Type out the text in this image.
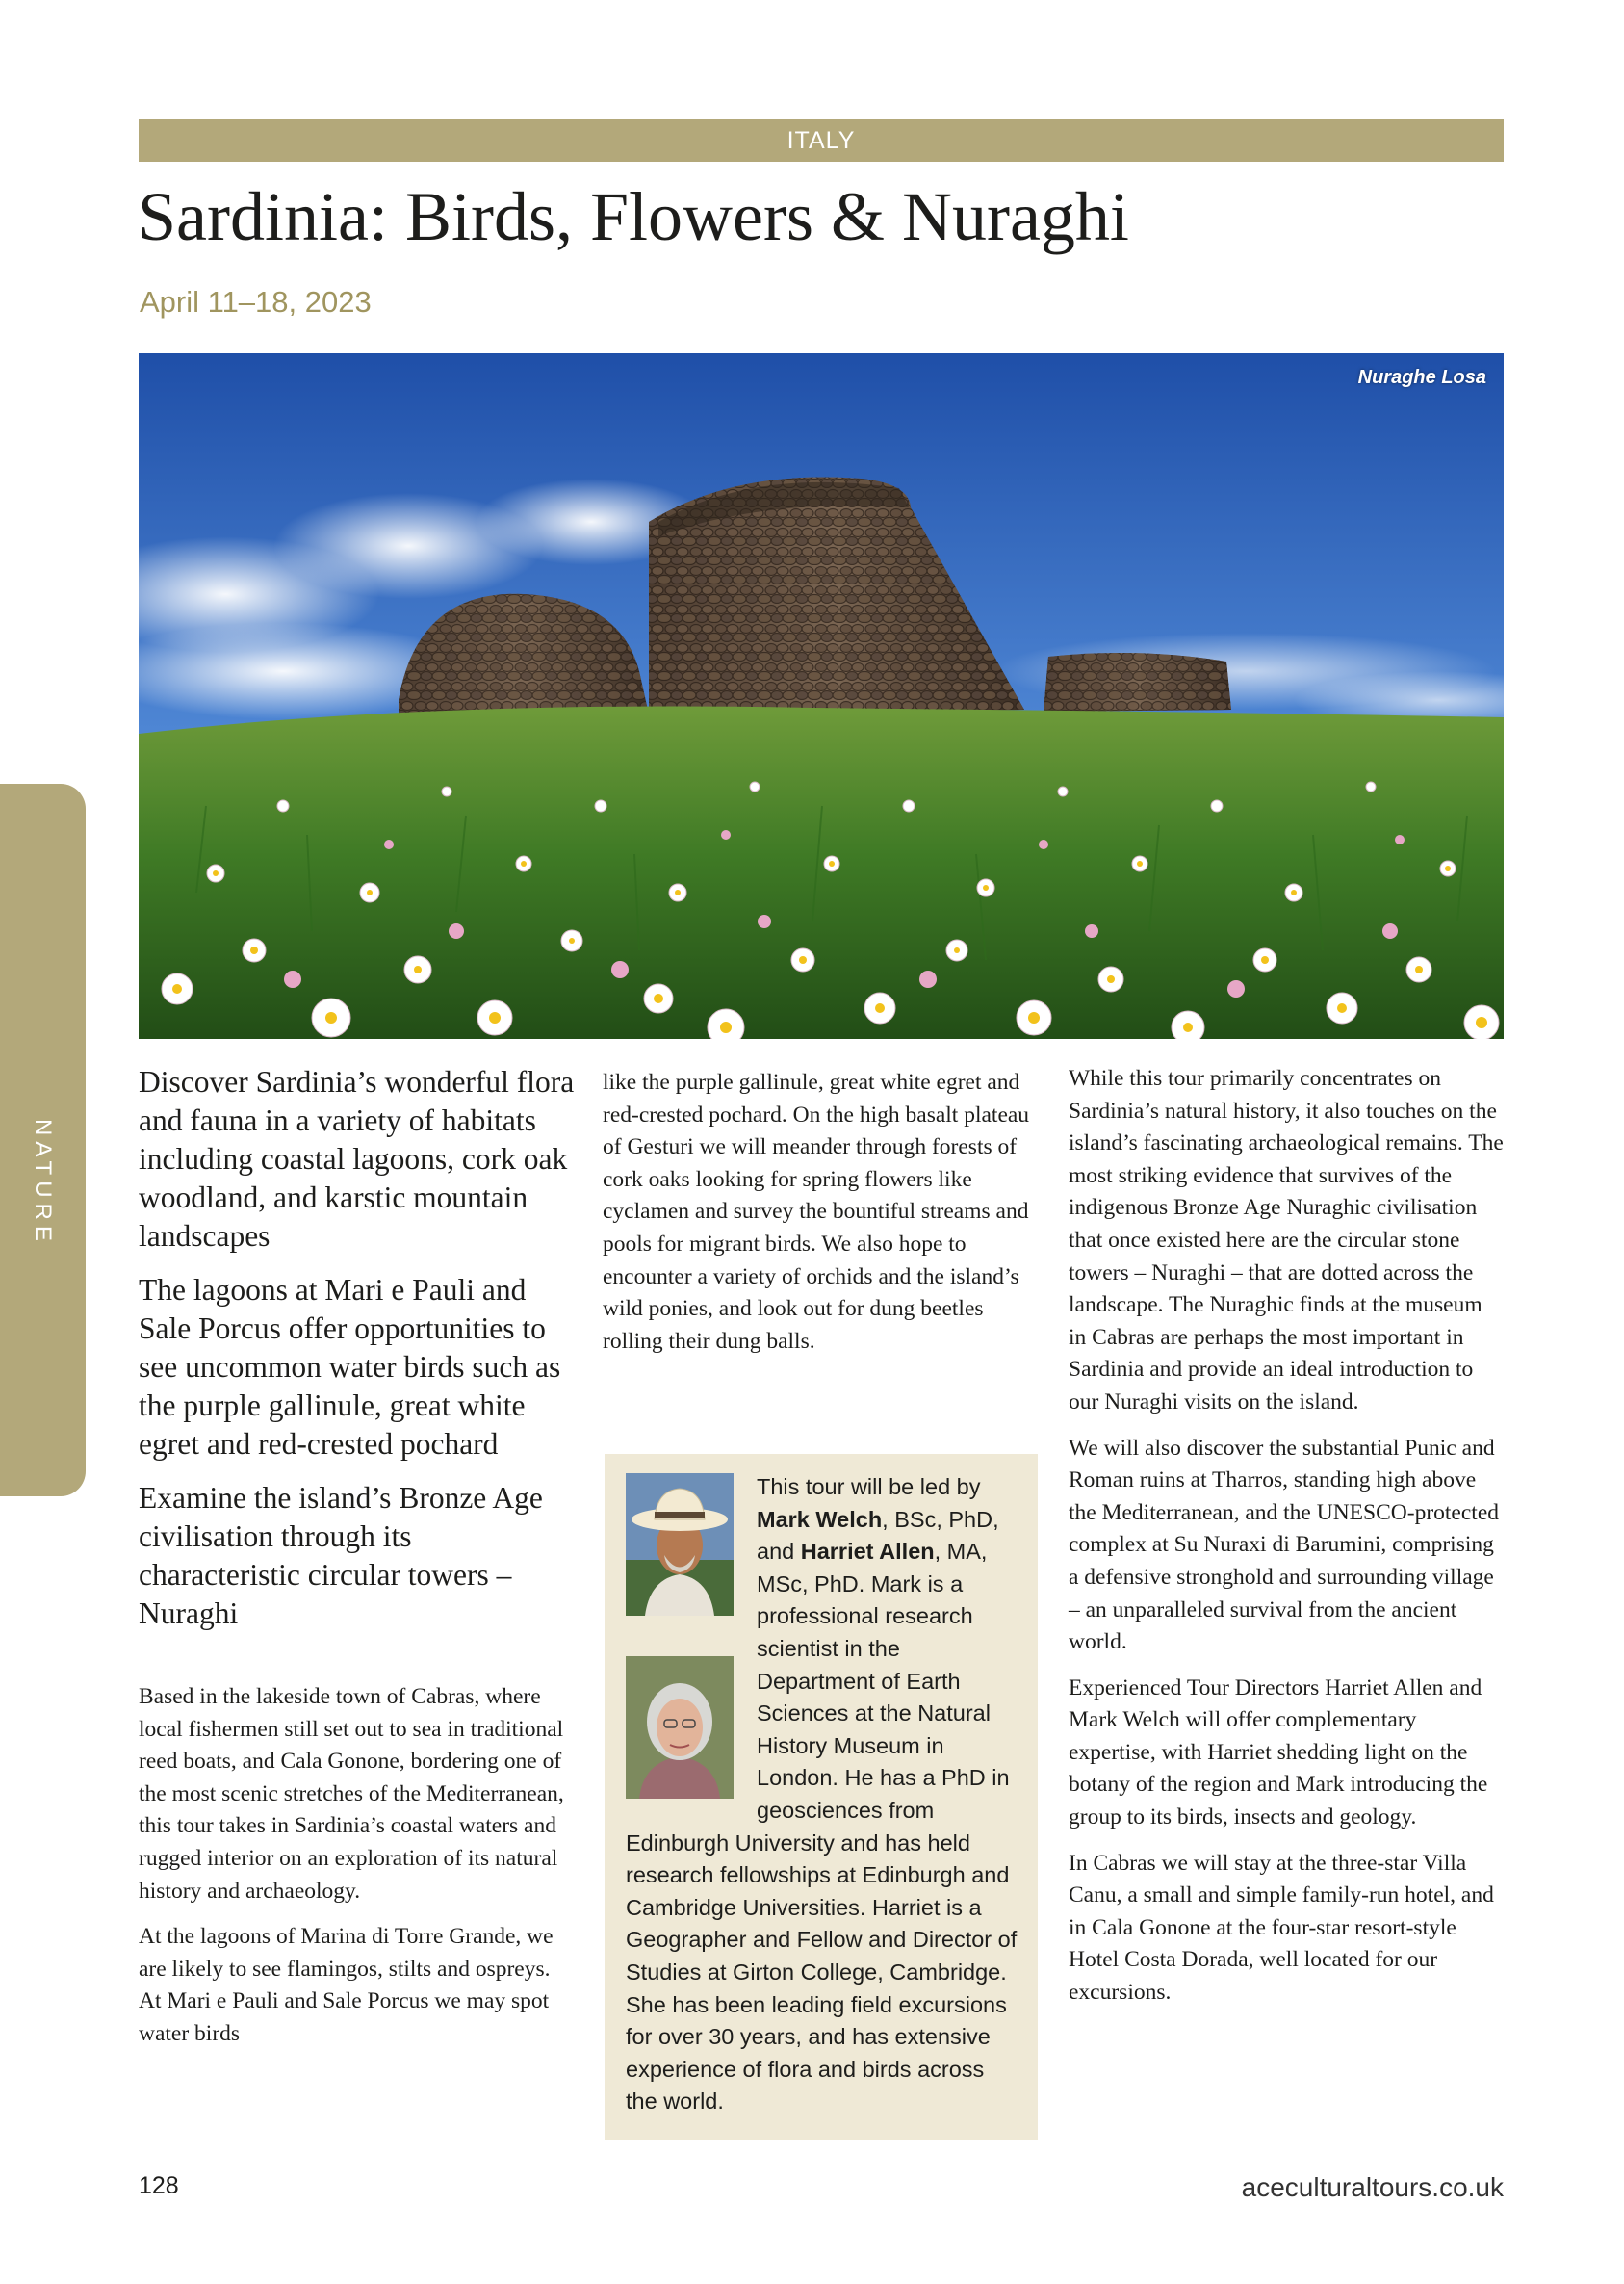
ITALY
Sardinia: Birds, Flowers & Nuraghi
April 11–18, 2023
Nuraghe Losa
NATURE

Discover Sardinia’s wonderful flora and fauna in a variety of habitats including coastal lagoons, cork oak woodland, and karstic mountain landscapes

The lagoons at Mari e Pauli and Sale Porcus offer opportunities to see uncommon water birds such as the purple gallinule, great white egret and red-crested pochard

Examine the island’s Bronze Age civilisation through its characteristic circular towers – Nuraghi

Based in the lakeside town of Cabras, where local fishermen still set out to sea in traditional reed boats, and Cala Gonone, bordering one of the most scenic stretches of the Mediterranean, this tour takes in Sardinia’s coastal waters and rugged interior on an exploration of its natural history and archaeology.

At the lagoons of Marina di Torre Grande, we are likely to see flamingos, stilts and ospreys. At Mari e Pauli and Sale Porcus we may spot water birds

like the purple gallinule, great white egret and red-crested pochard. On the high basalt plateau of Gesturi we will meander through forests of cork oaks looking for spring flowers like cyclamen and survey the bountiful streams and pools for migrant birds. We also hope to encounter a variety of orchids and the island’s wild ponies, and look out for dung beetles rolling their dung balls.

This tour will be led by Mark Welch, BSc, PhD, and Harriet Allen, MA, MSc, PhD. Mark is a professional research scientist in the Department of Earth Sciences at the Natural History Museum in London. He has a PhD in geosciences from Edinburgh University and has held research fellowships at Edinburgh and Cambridge Universities. Harriet is a Geographer and Fellow and Director of Studies at Girton College, Cambridge. She has been leading field excursions for over 30 years, and has extensive experience of flora and birds across the world.

While this tour primarily concentrates on Sardinia’s natural history, it also touches on the island’s fascinating archaeological remains. The most striking evidence that survives of the indigenous Bronze Age Nuraghic civilisation that once existed here are the circular stone towers – Nuraghi – that are dotted across the landscape. The Nuraghic finds at the museum in Cabras are perhaps the most important in Sardinia and provide an ideal introduction to our Nuraghi visits on the island.

We will also discover the substantial Punic and Roman ruins at Tharros, standing high above the Mediterranean, and the UNESCO-protected complex at Su Nuraxi di Barumini, comprising a defensive stronghold and surrounding village – an unparalleled survival from the ancient world.

Experienced Tour Directors Harriet Allen and Mark Welch will offer complementary expertise, with Harriet shedding light on the botany of the region and Mark introducing the group to its birds, insects and geology.

In Cabras we will stay at the three-star Villa Canu, a small and simple family-run hotel, and in Cala Gonone at the four-star resort-style Hotel Costa Dorada, well located for our excursions.

128	aceculturaltours.co.uk
